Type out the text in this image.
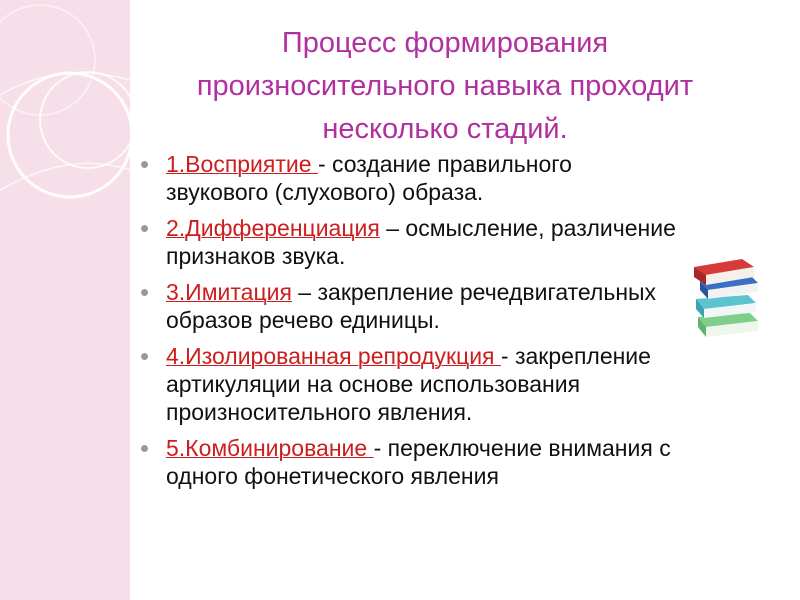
Процесс формирования
произносительного навыка проходит
несколько стадий.
1.Восприятие - создание правильного звукового (слухового) образа.
2.Дифференциация – осмысление, различение признаков звука.
3.Имитация – закрепление речедвигательных образов речево единицы.
4.Изолированная репродукция - закрепление артикуляции на основе использования произносительного явления.
5.Комбинирование - переключение внимания с одного фонетического явления
